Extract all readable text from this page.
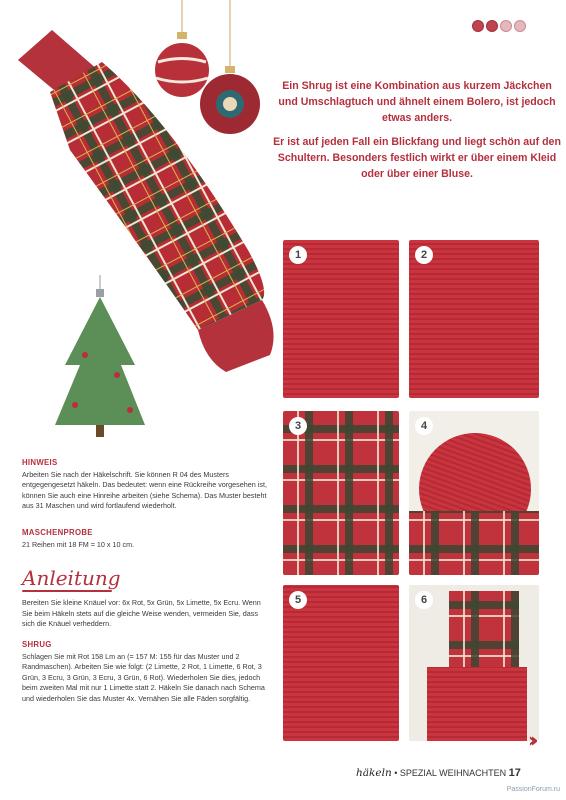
Ein Shrug ist eine Kombination aus kurzem Jäckchen und Umschlagtuch und ähnelt einem Bolero, ist jedoch etwas anders.

Er ist auf jeden Fall ein Blickfang und liegt schön auf den Schultern. Besonders festlich wirkt er über einem Kleid oder über einer Bluse.

1	2
3	4
5	6
HINWEIS

Arbeiten Sie nach der Häkelschrift. Sie können R 04 des Musters entgegengesetzt häkeln. Das bedeutet: wenn eine Rückreihe vorgesehen ist, können Sie auch eine Hinreihe arbeiten (siehe Schema). Das Muster besteht aus 31 Maschen und wird fortlaufend wiederholt.

MASCHENPROBE

21 Reihen mit 18 FM = 10 x 10 cm.

Anleitung

Bereiten Sie kleine Knäuel vor: 6x Rot, 5x Grün, 5x Limette, 5x Ecru. Wenn Sie beim Häkeln stets auf die gleiche Weise wenden, vermeiden Sie, dass sich die Knäuel verheddern.

SHRUG

Schlagen Sie mit Rot 158 Lm an (= 157 M: 155 für das Muster und 2 Randmaschen). Arbeiten Sie wie folgt: (2 Limette, 2 Rot, 1 Limette, 6 Rot, 3 Grün, 3 Ecru, 3 Grün, 3 Ecru, 3 Grün, 6 Rot). Wiederholen Sie dies, jedoch beim zweiten Mal mit nur 1 Limette statt 2. Häkeln Sie danach nach Schema und wiederholen Sie das Muster 4x. Vernähen Sie alle Fäden sorgfältig.

››
häkeln • SPEZIAL WEIHNACHTEN 17
PassionForum.ru
